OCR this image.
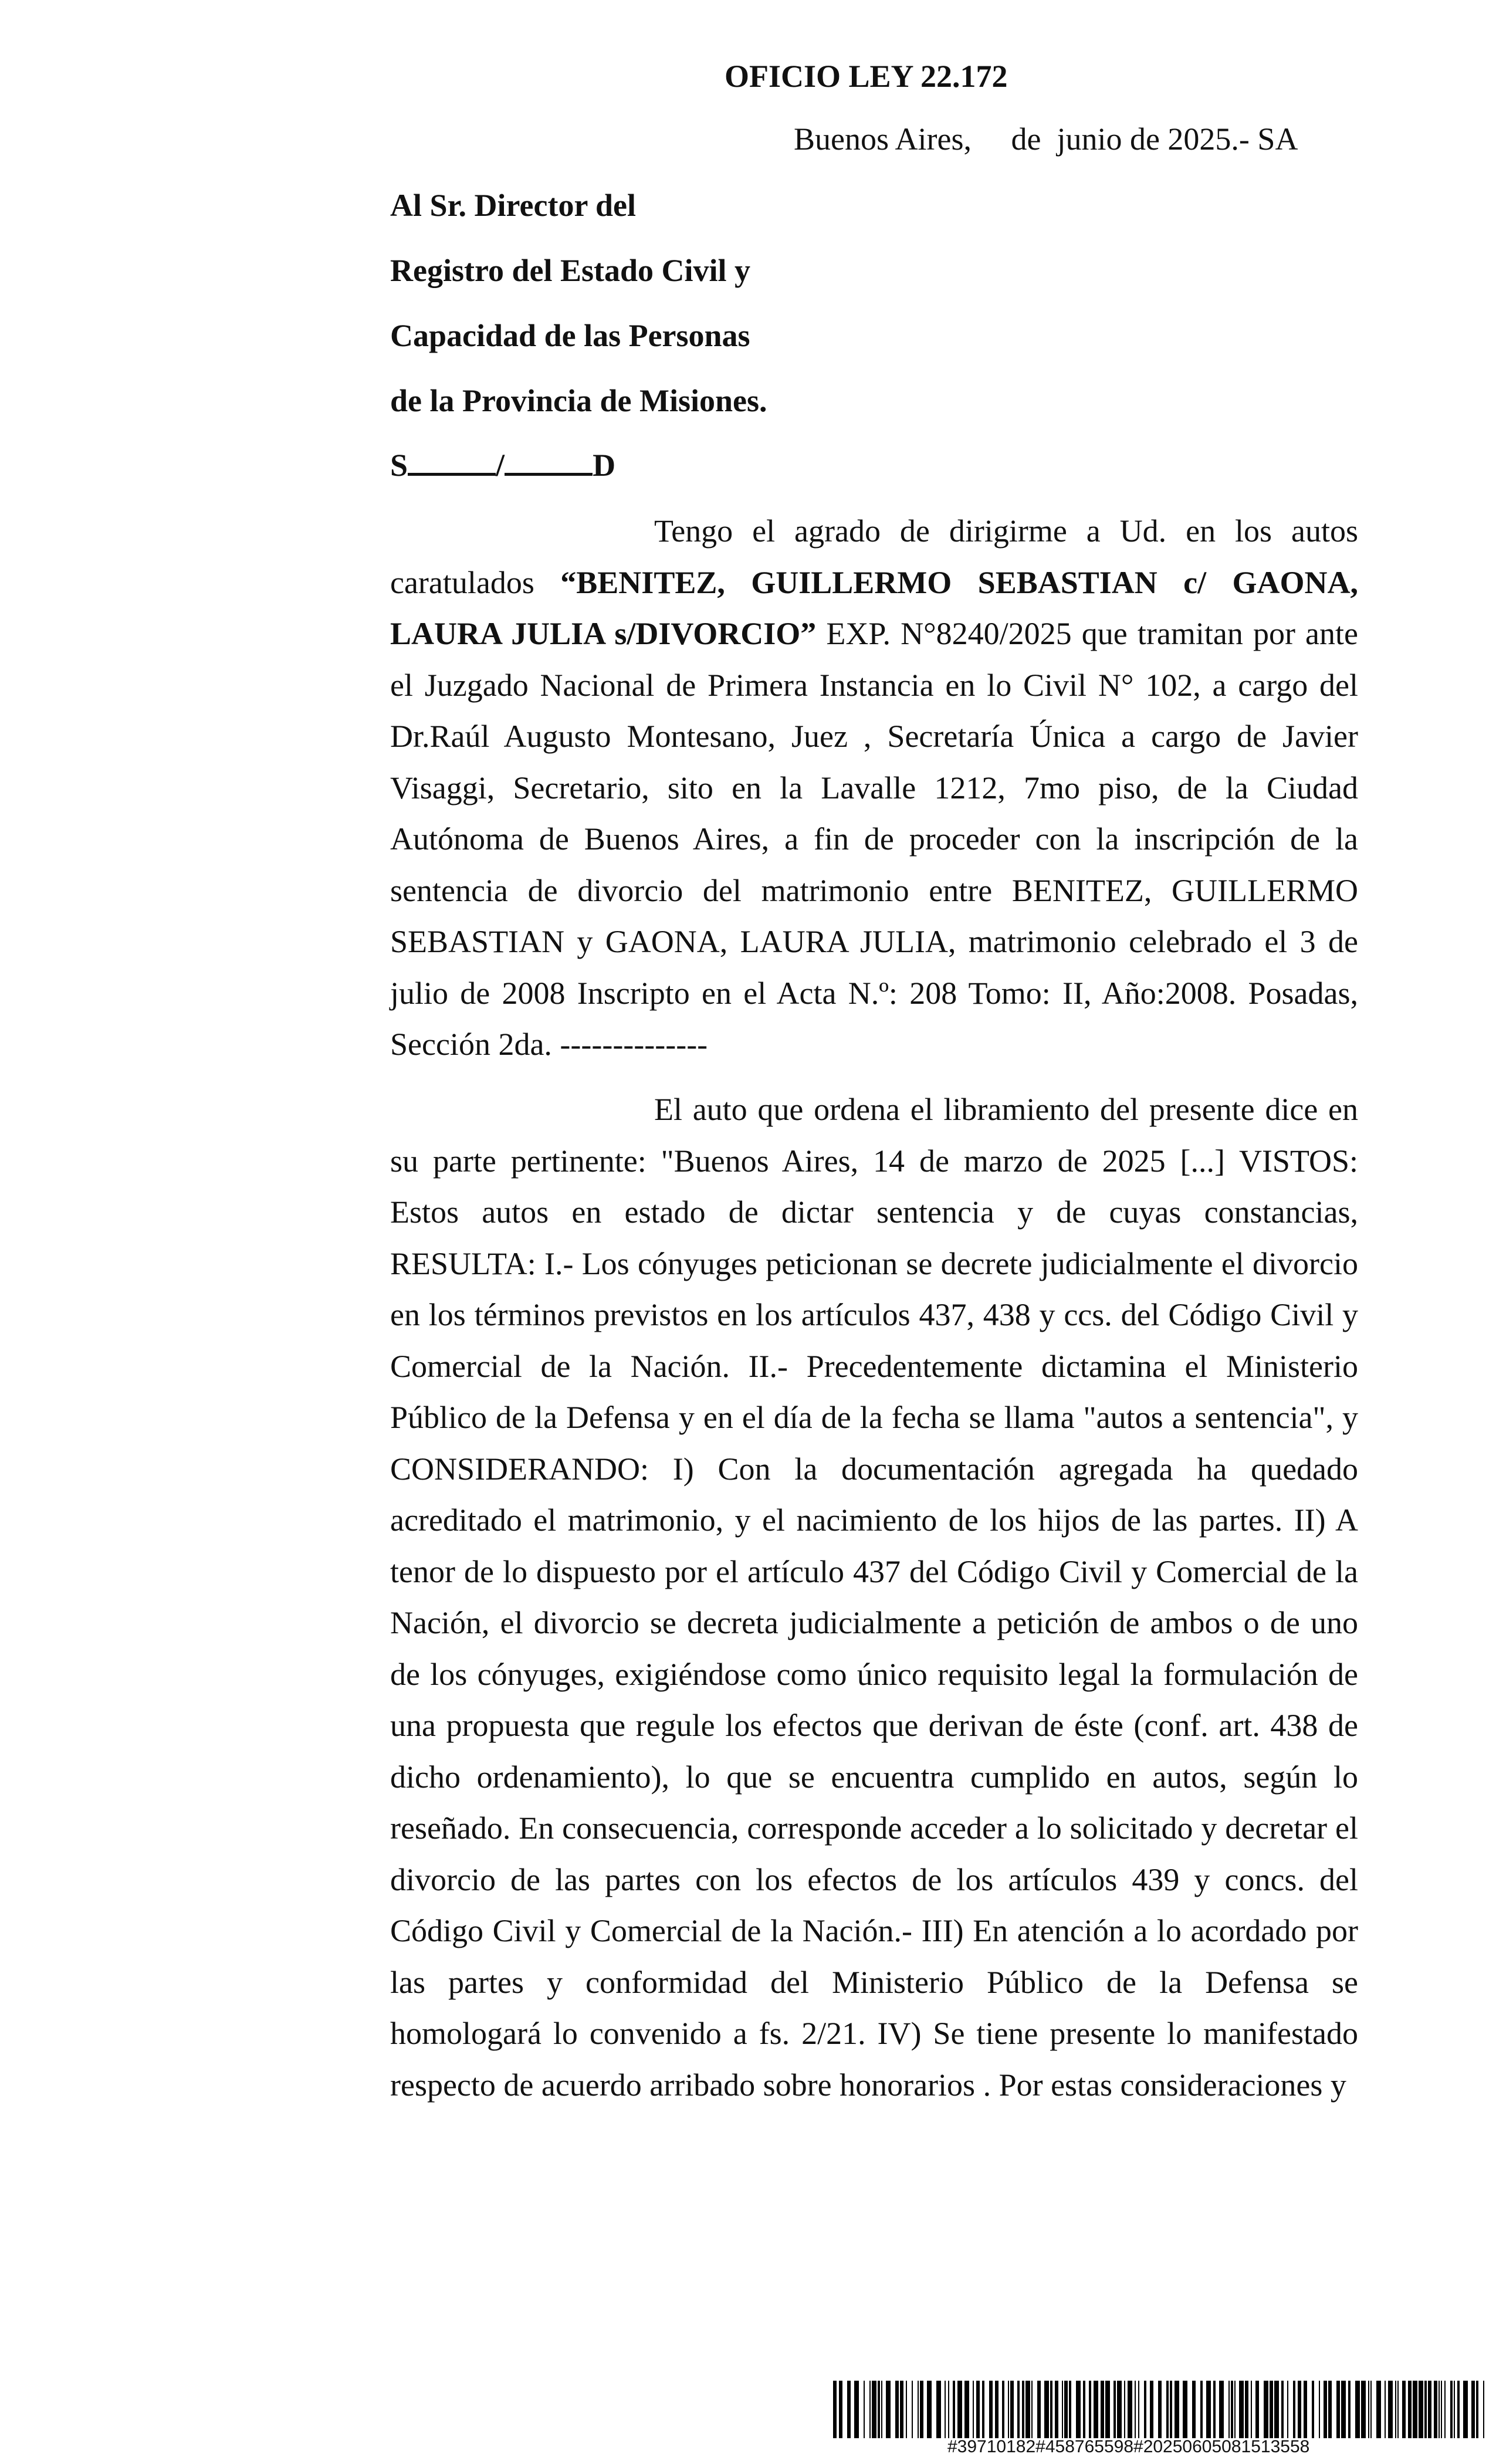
OFICIO LEY 22.172
Buenos Aires,     de  junio de 2025.- SA
Al Sr. Director del
Registro del Estado Civil y
Capacidad de las Personas
de la Provincia de Misiones.
S	/	D

Tengo el agrado de dirigirme a Ud. en los autos caratulados “BENITEZ, GUILLERMO SEBASTIAN c/ GAONA, LAURA JULIA s/DIVORCIO” EXP. N°8240/2025 que tramitan por ante el Juzgado Nacional de Primera Instancia en lo Civil N° 102, a cargo del Dr.Raúl Augusto Montesano, Juez , Secretaría Única a cargo de Javier Visaggi, Secretario, sito en la Lavalle 1212, 7mo piso, de la Ciudad Autónoma de Buenos Aires, a fin de proceder con la inscripción de la sentencia de divorcio del matrimonio entre BENITEZ, GUILLERMO SEBASTIAN y GAONA, LAURA JULIA, matrimonio celebrado el 3 de julio de 2008 Inscripto en el Acta N.º: 208 Tomo: II, Año:2008. Posadas, Sección 2da. --------------

El auto que ordena el libramiento del presente dice en su parte pertinente: "Buenos Aires, 14 de marzo de 2025 [...] VISTOS: Estos autos en estado de dictar sentencia y de cuyas constancias, RESULTA: I.- Los cónyuges peticionan se decrete judicialmente el divorcio en los términos previstos en los artículos 437, 438 y ccs. del Código Civil y Comercial de la Nación. II.- Precedentemente dictamina el Ministerio Público de la Defensa y en el día de la fecha se llama "autos a sentencia", y CONSIDERANDO: I) Con la documentación agregada ha quedado acreditado el matrimonio, y el nacimiento de los hijos de las partes. II) A tenor de lo dispuesto por el artículo 437 del Código Civil y Comercial de la Nación, el divorcio se decreta judicialmente a petición de ambos o de uno de los cónyuges, exigiéndose como único requisito legal la formulación de una propuesta que regule los efectos que derivan de éste (conf. art. 438 de dicho ordenamiento), lo que se encuentra cumplido en autos, según lo reseñado. En consecuencia, corresponde acceder a lo solicitado y decretar el divorcio de las partes con los efectos de los artículos 439 y concs. del Código Civil y Comercial de la Nación.- III) En atención a lo acordado por las partes y conformidad del Ministerio Público de la Defensa se homologará lo convenido a fs. 2/21. IV) Se tiene presente lo manifestado respecto de acuerdo arribado sobre honorarios . Por estas consideraciones y

#39710182#458765598#20250605081513558
